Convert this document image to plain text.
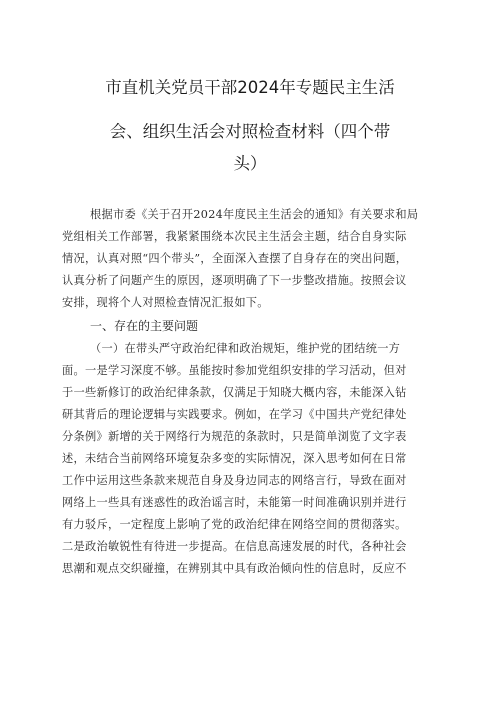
市直机关党员干部2024年专题民主生活
会、组织生活会对照检查材料（四个带
头）
根据市委《关于召开2024年度民主生活会的通知》有关要求和局
党组相关工作部署，我紧紧围绕本次民主生活会主题，结合自身实际
情况，认真对照“四个带头”，全面深入查摆了自身存在的突出问题，
认真分析了问题产生的原因，逐项明确了下一步整改措施。按照会议
安排，现将个人对照检查情况汇报如下。
一、存在的主要问题
（一）在带头严守政治纪律和政治规矩，维护党的团结统一方
面。一是学习深度不够。虽能按时参加党组织安排的学习活动，但对
于一些新修订的政治纪律条款，仅满足于知晓大概内容，未能深入钻
研其背后的理论逻辑与实践要求。例如，在学习《中国共产党纪律处
分条例》新增的关于网络行为规范的条款时，只是简单浏览了文字表
述，未结合当前网络环境复杂多变的实际情况，深入思考如何在日常
工作中运用这些条款来规范自身及身边同志的网络言行，导致在面对
网络上一些具有迷惑性的政治谣言时，未能第一时间准确识别并进行
有力驳斥，一定程度上影响了党的政治纪律在网络空间的贯彻落实。
二是政治敏锐性有待进一步提高。在信息高速发展的时代，各种社会
思潮和观点交织碰撞，在辨别其中具有政治倾向性的信息时，反应不
